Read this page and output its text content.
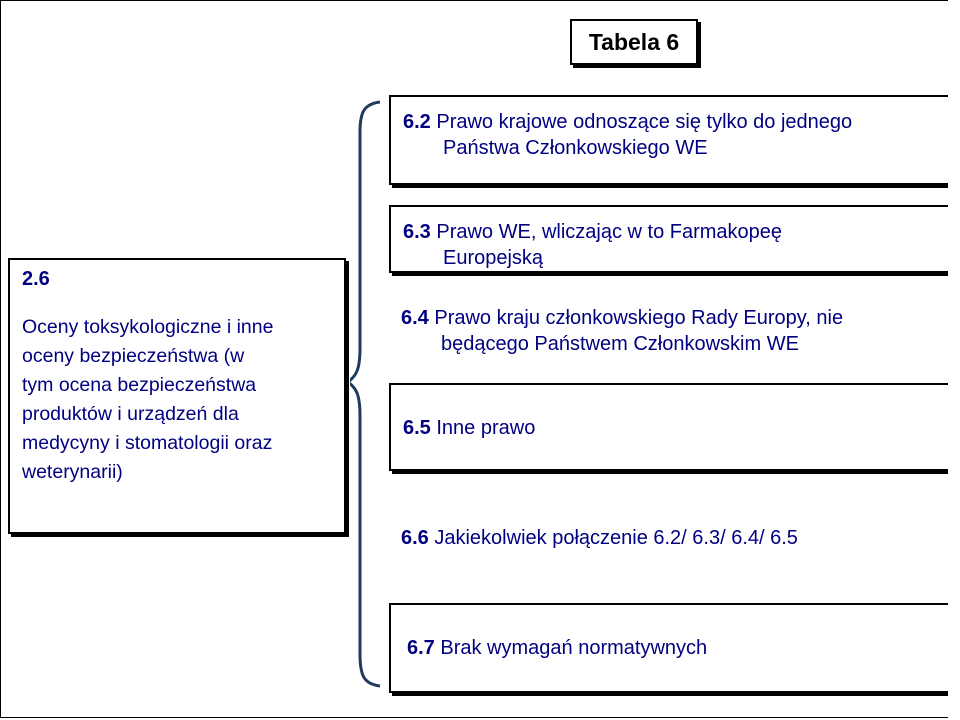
Tabela 6
2.6
Oceny toksykologiczne i inne
oceny bezpieczeństwa (w
tym ocena bezpieczeństwa
produktów i urządzeń dla
medycyny i stomatologii oraz
weterynarii)
6.2 Prawo krajowe odnoszące się tylko do jednego
Państwa Członkowskiego WE
6.3 Prawo WE, wliczając w to Farmakopeę
Europejską
6.4 Prawo kraju członkowskiego Rady Europy, nie
będącego Państwem Członkowskim WE
6.5 Inne prawo
6.6 Jakiekolwiek połączenie 6.2/ 6.3/ 6.4/ 6.5
6.7 Brak wymagań normatywnych
